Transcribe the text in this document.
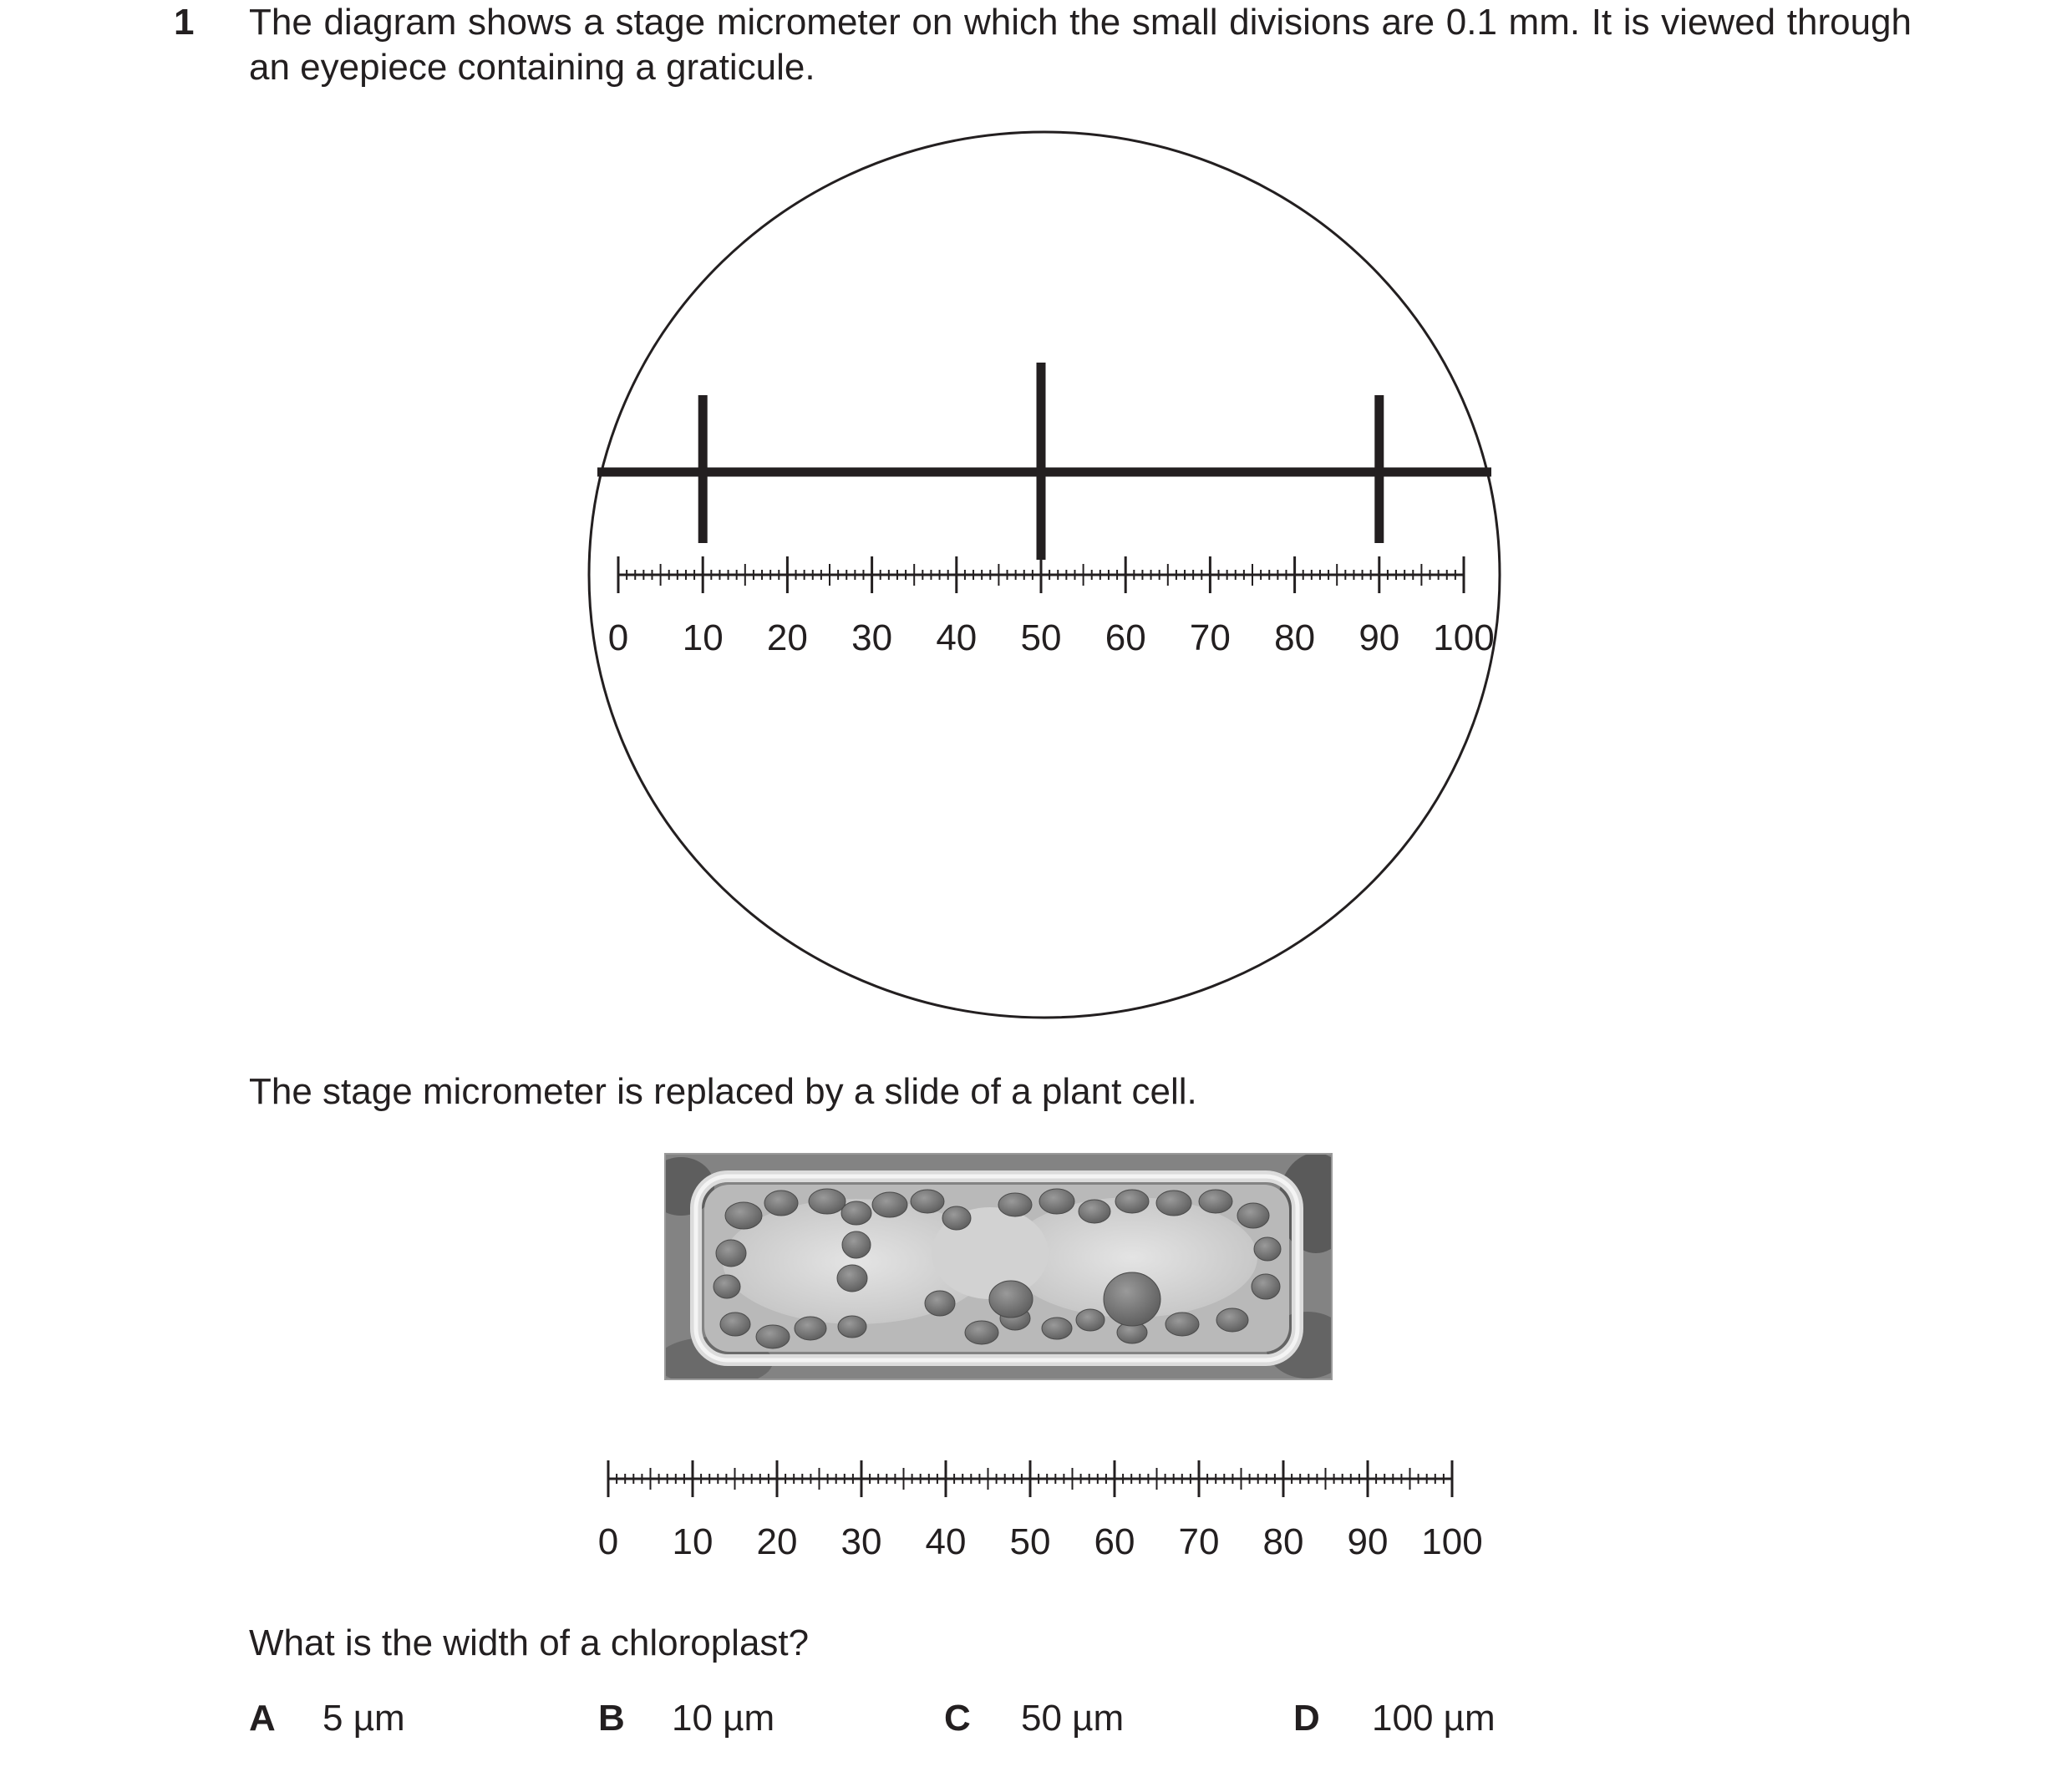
1 The diagram shows a stage micrometer on which the small divisions are 0.1 mm. It is viewed through an eyepiece containing a graticule.
0 10 20 30 40 50 60 70 80 90 100
0 10 20 30 40 50 60 70 80 90 100
The stage micrometer is replaced by a slide of a plant cell.
What is the width of a chloroplast?
A 5 µm	B 10 µm	C 50 µm	D 100 µm
